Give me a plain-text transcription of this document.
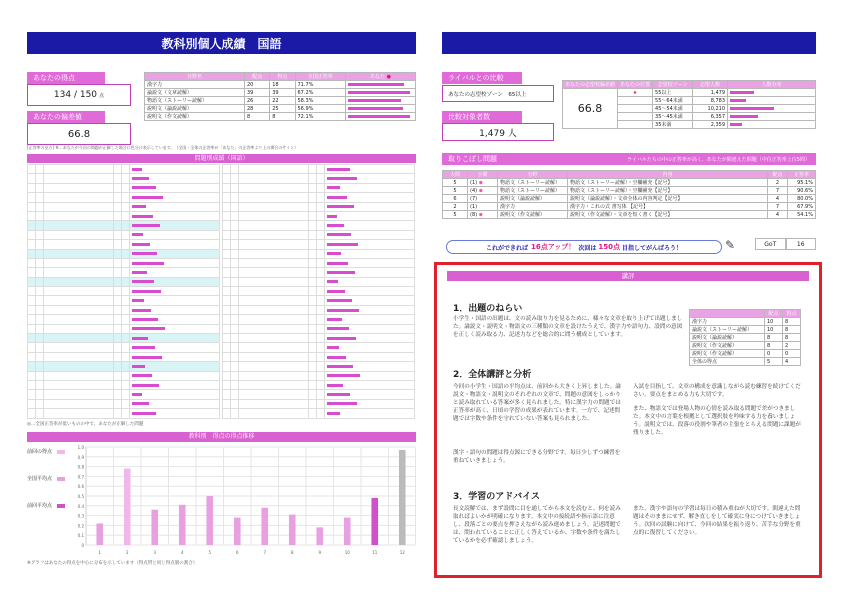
教科別個人成績　国語
あなたの得点
134 / 150 点
あなたの偏差値
66.8
分野名	配点	得点	全国正答率	あなた ●
漢字力	20	18	71.7%	

論説文（文章読解）	39	39	67.2%	

物語文（ストーリー読解）	26	22	58.3%	

説明文（論説読解）	28	25	56.9%	

説明文（作文読解）	8	8	72.1%	
[正答率の見方] ※…あなたが今回の問題が正解した場合に色分け表示しています。（全国・全体の正答率が「あなた」の正答率より上の場合のサイン）
問題別成績（国語）

◎…全国正答率が低いものの中で、あなたが正解した問題
教科別　得点の得点推移
前回の得点
全国平均点
前回平均点
1.0
0.9
0.8
0.7
0.6
0.5
0.4
0.3
0.2
0.1
0
1	2	3	4	5	6	7	8	9	10	11	12
※グラフはあなたの得点を中心に分布を示しています（得点帯と同じ得点層の割合）
ライバルとの比較
あなたの志望校ゾーン　65以上
比較対象者数
1,479 人
あなたの志望校偏差値	あなたの位置	志望校ゾーン	志望人数	人数分布
66.8	★	55以上	1,479	

		55〜64未満	8,783	

		45〜54未満	10,210	

		35〜45未満	6,357	

		35未満	2,359	
取りこぼし問題	ライバルたちの中の正答率が高く、あなたが間違えた問題（中位正答率上位5問）
大問	小問	分野	内容	配点	正答率
5	(1) ⊗	物語文（ストーリー読解）	物語文（ストーリー読解）・空欄補充【記号】	2	95.1%
5	(4) ⊗	物語文（ストーリー読解）	物語文（ストーリー読解）・空欄補充【記号】	7	90.6%
6	(7)	説明文（論説読解）	説明文（論説読解）・文章全体の内容判定【記号】	4	80.0%
2	(1)	漢字力	漢字力・これの式 書写体 【記号】	7	67.9%
5	(8) ⊗	説明文（作文読解）	説明文（作文読解）・文章を短く書く【記号】	4	54.1%
これができれば 16点アップ！ 次回は 150点 目指してがんばろう！	✎	GoT	16
講評
1．出題のねらい
小学生・国語の出題は、文の読み取り力を見るために、様々な文章を取り上げて出題しました。論説文・説明文・物語文の三種類の文章を設けたうえで、漢字力や語句力、設問の意図を正しく読み取る力、記述力などを総合的に問う構成としています。
	配点	得点
漢字力	10	8
論説文（ストーリー読解）	10	8
説明文（論説読解）	8	8
説明文（作文読解）	8	2
説明文（作文読解）	0	0
全体の得点	5	4
2．全体講評と分析
今回の小学生・国語の平均点は、前回から大きく上昇しました。論説文・物語文・説明文のそれぞれの文章で、問題の意図をしっかりと読み取れている答案が多く見られました。特に漢字力の問題では正答率が高く、日頃の学習の成果が表れています。一方で、記述問題では字数や条件を守れていない答案も見られました。
漢字・語句の問題は得点源にできる分野です。毎日少しずつ練習を重ねていきましょう。
入試を目指して、文章の構成を意識しながら読む練習を続けてください。要点をまとめる力も大切です。
また、物語文では登場人物の心情を読み取る問題で差がつきました。本文中の言葉を根拠として選択肢を吟味する力を養いましょう。説明文では、段落の役割や筆者の主張をとらえる問題に課題が残りました。
3．学習のアドバイス
長文読解では、まず設問に目を通してから本文を読むと、何を読み取ればよいかが明確になります。本文中の接続語や指示語に注意し、段落ごとの要点を押さえながら読み進めましょう。記述問題では、問われていることに正しく答えているか、字数や条件を満たしているかを必ず確認しましょう。
また、漢字や語句の学習は毎日の積み重ねが大切です。間違えた問題はそのままにせず、解き直しをして確実に身につけていきましょう。次回の試験に向けて、今回の結果を振り返り、苦手な分野を重点的に復習してください。
